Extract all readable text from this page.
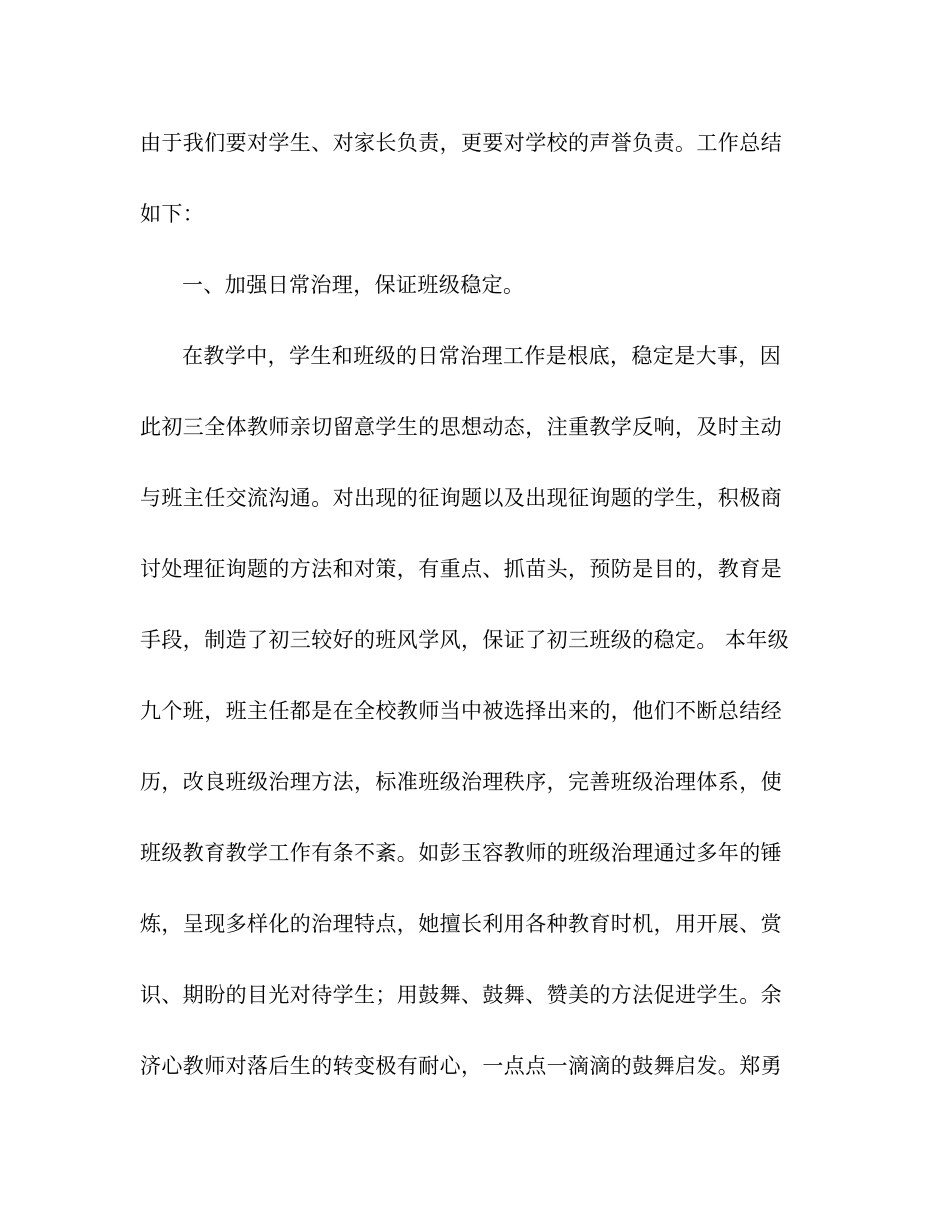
由于我们要对学生、对家长负责，更要对学校的声誉负责。工作总结
如下：
一、加强日常治理，保证班级稳定。
在教学中，学生和班级的日常治理工作是根底，稳定是大事，因
此初三全体教师亲切留意学生的思想动态，注重教学反响，及时主动
与班主任交流沟通。对出现的征询题以及出现征询题的学生，积极商
讨处理征询题的方法和对策，有重点、抓苗头，预防是目的，教育是
手段，制造了初三较好的班风学风，保证了初三班级的稳定。 本年级
九个班，班主任都是在全校教师当中被选择出来的，他们不断总结经
历，改良班级治理方法，标准班级治理秩序，完善班级治理体系，使
班级教育教学工作有条不紊。如彭玉容教师的班级治理通过多年的锤
炼，呈现多样化的治理特点，她擅长利用各种教育时机，用开展、赏
识、期盼的目光对待学生；用鼓舞、鼓舞、赞美的方法促进学生。余
济心教师对落后生的转变极有耐心，一点点一滴滴的鼓舞启发。郑勇
